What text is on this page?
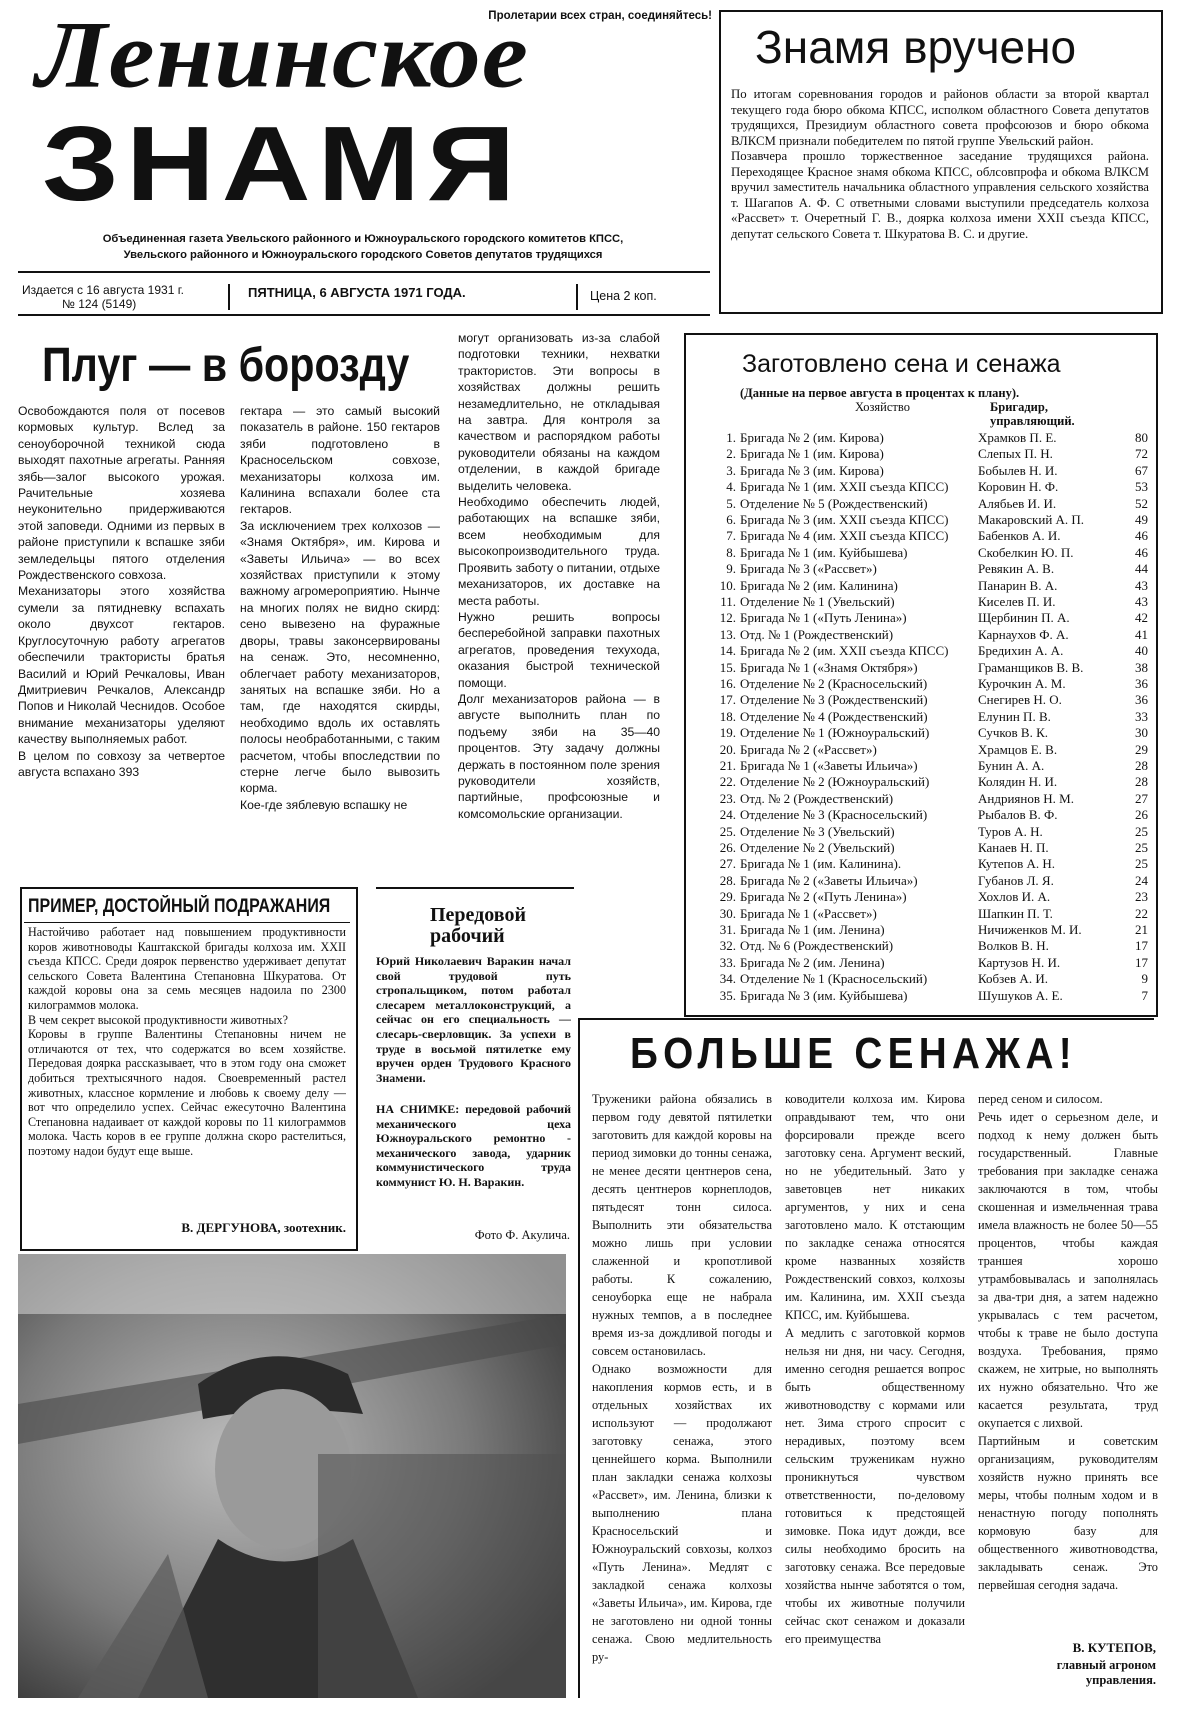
Пролетарии всех стран, соединяйтесь!
Ленинское
ЗНАМЯ
Объединенная газета Увельского районного и Южноуральского городского комитетов КПСС,
Увельского районного и Южноуральского городского Советов депутатов трудящихся
Издается с 16 августа 1931 г.
№ 124 (5149)
ПЯТНИЦА, 6 АВГУСТА 1971 ГОДА.	Цена 2 коп.
Знамя вручено
По итогам соревнования городов и районов области за второй квартал текущего года бюро обкома КПСС, исполком областного Совета депутатов трудящихся, Президиум областного совета профсоюзов и бюро обкома ВЛКСМ признали победителем по пятой группе Увельский район.
Позавчера прошло торжественное заседание трудящихся района. Переходящее Красное знамя обкома КПСС, облсовпрофа и обкома ВЛКСМ вручил заместитель начальника областного управления сельского хозяйства т. Шагапов А. Ф. С ответными словами выступили председатель колхоза «Рассвет» т. Очеретный Г. В., доярка колхоза имени XXII съезда КПСС, депутат сельского Совета т. Шкуратова В. С. и другие.
Плуг — в борозду
Освобождаются поля от посевов кормовых культур. Вслед за сеноуборочной техникой сюда выходят пахотные агрегаты. Ранняя зябь—залог высокого урожая. Рачительные хозяева неуконительно придерживаются этой заповеди. Одними из первых в районе приступили к вспашке зяби земледельцы пятого отделения Рождественского совхоза.
Механизаторы этого хозяйства сумели за пятидневку вспахать около двухсот гектаров. Круглосуточную работу агрегатов обеспечили трактористы братья Василий и Юрий Речкаловы, Иван Дмитриевич Речкалов, Александр Попов и Николай Чеснидов. Особое внимание механизаторы уделяют качеству выполняемых работ.
В целом по совхозу за четвертое августа вспахано 393
гектара — это самый высокий показатель в районе. 150 гектаров зяби подготовлено в Красносельском совхозе, механизаторы колхоза им. Калинина вспахали более ста гектаров.
За исключением трех колхозов — «Знамя Октября», им. Кирова и «Заветы Ильича» — во всех хозяйствах приступили к этому важному агромероприятию. Нынче на многих полях не видно скирд: сено вывезено на фуражные дворы, травы законсервированы на сенаж. Это, несомненно, облегчает работу механизаторов, занятых на вспашке зяби. Но а там, где находятся скирды, необходимо вдоль их оставлять полосы необработанными, с таким расчетом, чтобы впоследствии по стерне легче было вывозить корма.
Кое-где зяблевую вспашку не
могут организовать из-за слабой подготовки техники, нехватки трактористов. Эти вопросы в хозяйствах должны решить незамедлительно, не откладывая на завтра. Для контроля за качеством и распорядком работы руководители обязаны на каждом отделении, в каждой бригаде выделить человека.
Необходимо обеспечить людей, работающих на вспашке зяби, всем необходимым для высокопроизводительного труда. Проявить заботу о питании, отдыхе механизаторов, их доставке на места работы.
Нужно решить вопросы бесперебойной заправки пахотных агрегатов, проведения техухода, оказания быстрой технической помощи.
Долг механизаторов района — в августе выполнить план по подъему зяби на 35—40 процентов. Эту задачу должны держать в постоянном поле зрения руководители хозяйств, партийные, профсоюзные и комсомольские организации.
Заготовлено сена и сенажа
(Данные на первое августа в процентах к плану).
Хозяйство	Бригадир, управляющий.
1. Бригада № 2 (им. Кирова)	Храмков П. Е.	80
2. Бригада № 1 (им. Кирова)	Слепых П. Н.	72
3. Бригада № 3 (им. Кирова)	Бобылев Н. И.	67
4. Бригада № 1 (им. XXII съезда КПСС)	Коровин Н. Ф.	53
5. Отделение № 5 (Рождественский)	Алябьев И. И.	52
6. Бригада № 3 (им. XXII съезда КПСС)	Макаровский А. П.	49
7. Бригада № 4 (им. XXII съезда КПСС)	Бабенков А. И.	46
8. Бригада № 1 (им. Куйбышева)	Скобелкин Ю. П.	46
9. Бригада № 3 («Рассвет»)	Ревякин А. В.	44
10. Бригада № 2 (им. Калинина)	Панарин В. А.	43
11. Отделение № 1 (Увельский)	Киселев П. И.	43
12. Бригада № 1 («Путь Ленина»)	Щербинин П. А.	42
13. Отд. № 1 (Рождественский)	Карнаухов Ф. А.	41
14. Бригада № 2 (им. XXII съезда КПСС)	Бредихин А. А.	40
15. Бригада № 1 («Знамя Октября»)	Граманщиков В. В.	38
16. Отделение № 2 (Красносельский)	Курочкин А. М.	36
17. Отделение № 3 (Рождественский)	Снегирев Н. О.	36
18. Отделение № 4 (Рождественский)	Елунин П. В.	33
19. Отделение № 1 (Южноуральский)	Сучков В. К.	30
20. Бригада № 2 («Рассвет»)	Храмцов Е. В.	29
21. Бригада № 1 («Заветы Ильича»)	Бунин А. А.	28
22. Отделение № 2 (Южноуральский)	Колядин Н. И.	28
23. Отд. № 2 (Рождественский)	Андриянов Н. М.	27
24. Отделение № 3 (Красносельский)	Рыбалов В. Ф.	26
25. Отделение № 3 (Увельский)	Туров А. Н.	25
26. Отделение № 2 (Увельский)	Канаев Н. П.	25
27. Бригада № 1 (им. Калинина).	Кутепов А. Н.	25
28. Бригада № 2 («Заветы Ильича»)	Губанов Л. Я.	24
29. Бригада № 2 («Путь Ленина»)	Хохлов И. А.	23
30. Бригада № 1 («Рассвет»)	Шапкин П. Т.	22
31. Бригада № 1 (им. Ленина)	Ничиженков М. И.	21
32. Отд. № 6 (Рождественский)	Волков В. Н.	17
33. Бригада № 2 (им. Ленина)	Картузов Н. И.	17
34. Отделение № 1 (Красносельский)	Кобзев А. И.	9
35. Бригада № 3 (им. Куйбышева)	Шушуков А. Е.	7
ПРИМЕР, ДОСТОЙНЫЙ ПОДРАЖАНИЯ
Настойчиво работает над повышением продуктивности коров животноводы Каштакской бригады колхоза им. XXII съезда КПСС. Среди доярок первенство удерживает депутат сельского Совета Валентина Степановна Шкуратова. От каждой коровы она за семь месяцев надоила по 2300 килограммов молока.
В чем секрет высокой продуктивности животных?
Коровы в группе Валентины Степановны ничем не отличаются от тех, что содержатся во всем хозяйстве. Передовая доярка рассказывает, что в этом году она сможет добиться трехтысячного надоя. Своевременный растел животных, классное кормление и любовь к своему делу — вот что определило успех. Сейчас ежесуточно Валентина Степановна надаивает от каждой коровы по 11 килограммов молока. Часть коров в ее группе должна скоро растелиться, поэтому надои будут еще выше.
В. ДЕРГУНОВА, зоотехник.
Передовой рабочий
Юрий Николаевич Варакин начал свой трудовой путь стропальщиком, потом работал слесарем металлоконструкций, а сейчас он его специальность — слесарь-сверловщик. За успехи в труде в восьмой пятилетке ему вручен орден Трудового Красного Знамени.
НА СНИМКЕ: передовой рабочий механического цеха Южноуральского ремонтно - механического завода, ударник коммунистического труда коммунист Ю. Н. Варакин.
Фото Ф. Акулича.
БОЛЬШЕ СЕНАЖА!
Труженики района обязались в первом году девятой пятилетки заготовить для каждой коровы на период зимовки до тонны сенажа, не менее десяти центнеров сена, десять центнеров корнеплодов, пятьдесят тонн силоса. Выполнить эти обязательства можно лишь при условии слаженной и кропотливой работы. К сожалению, сеноуборка еще не набрала нужных темпов, а в последнее время из-за дождливой погоды и совсем остановилась.
Однако возможности для накопления кормов есть, и в отдельных хозяйствах их используют — продолжают заготовку сенажа, этого ценнейшего корма. Выполнили план закладки сенажа колхозы «Рассвет», им. Ленина, близки к выполнению плана Красносельский и Южноуральский совхозы, колхоз «Путь Ленина». Медлят с закладкой сенажа колхозы «Заветы Ильича», им. Кирова, где не заготовлено ни одной тонны сенажа. Свою медлительность ру-
ководители колхоза им. Кирова оправдывают тем, что они форсировали прежде всего заготовку сена. Аргумент веский, но не убедительный. Зато у заветовцев нет никаких аргументов, у них и сена заготовлено мало. К отстающим по закладке сенажа относятся кроме названных хозяйств Рождественский совхоз, колхозы им. Калинина, им. XXII съезда КПСС, им. Куйбышева.
А медлить с заготовкой кормов нельзя ни дня, ни часу. Сегодня, именно сегодня решается вопрос быть общественному животноводству с кормами или нет. Зима строго спросит с нерадивых, поэтому всем сельским труженикам нужно проникнуться чувством ответственности, по-деловому готовиться к предстоящей зимовке. Пока идут дожди, все силы необходимо бросить на заготовку сенажа. Все передовые хозяйства нынче заботятся о том, чтобы их животные получили сейчас скот сенажом и доказали его преимущества
перед сеном и силосом.
Речь идет о серьезном деле, и подход к нему должен быть государственный. Главные требования при закладке сенажа заключаются в том, чтобы скошенная и измельченная трава имела влажность не более 50—55 процентов, чтобы каждая траншея хорошо утрамбовывалась и заполнялась за два-три дня, а затем надежно укрывалась с тем расчетом, чтобы к траве не было доступа воздуха. Требования, прямо скажем, не хитрые, но выполнять их нужно обязательно. Что же касается результата, труд окупается с лихвой.
Партийным и советским организациям, руководителям хозяйств нужно принять все меры, чтобы полным ходом и в ненастную погоду пополнять кормовую базу для общественного животноводства, закладывать сенаж. Это первейшая сегодня задача.
В. КУТЕПОВ,
главный агроном управления.
